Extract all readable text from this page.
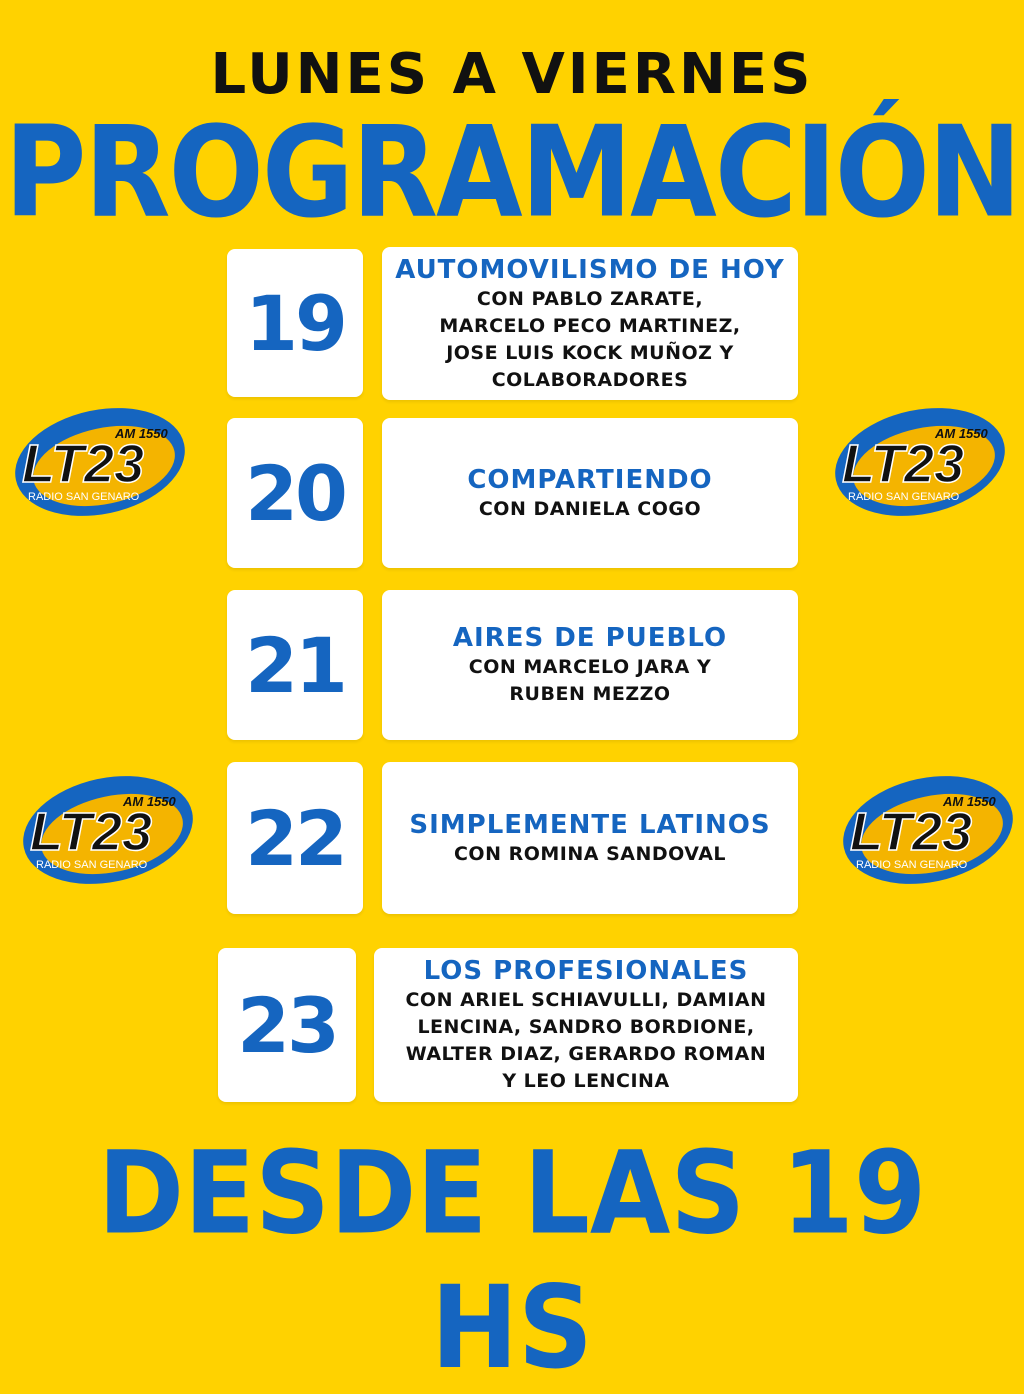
LUNES A VIERNES
PROGRAMACIÓN
19
AUTOMOVILISMO DE HOY
CON PABLO ZARATE,
MARCELO PECO MARTINEZ,
JOSE LUIS KOCK MUÑOZ Y
COLABORADORES
20	COMPARTIENDO
CON DANIELA COGO
21	AIRES DE PUEBLO
CON MARCELO JARA Y
RUBEN MEZZO
22 SIMPLEMENTE LATINOS
CON ROMINA SANDOVAL
23
LOS PROFESIONALES
CON ARIEL SCHIAVULLI, DAMIAN
LENCINA, SANDRO BORDIONE,
WALTER DIAZ, GERARDO ROMAN
Y LEO LENCINA
AM 1550
LT23
RADIO SAN GENARO
AM 1550
LT23
RADIO SAN GENARO
AM 1550
LT23
RADIO SAN GENARO
AM 1550
LT23
RADIO SAN GENARO
DESDE LAS 19 HS
